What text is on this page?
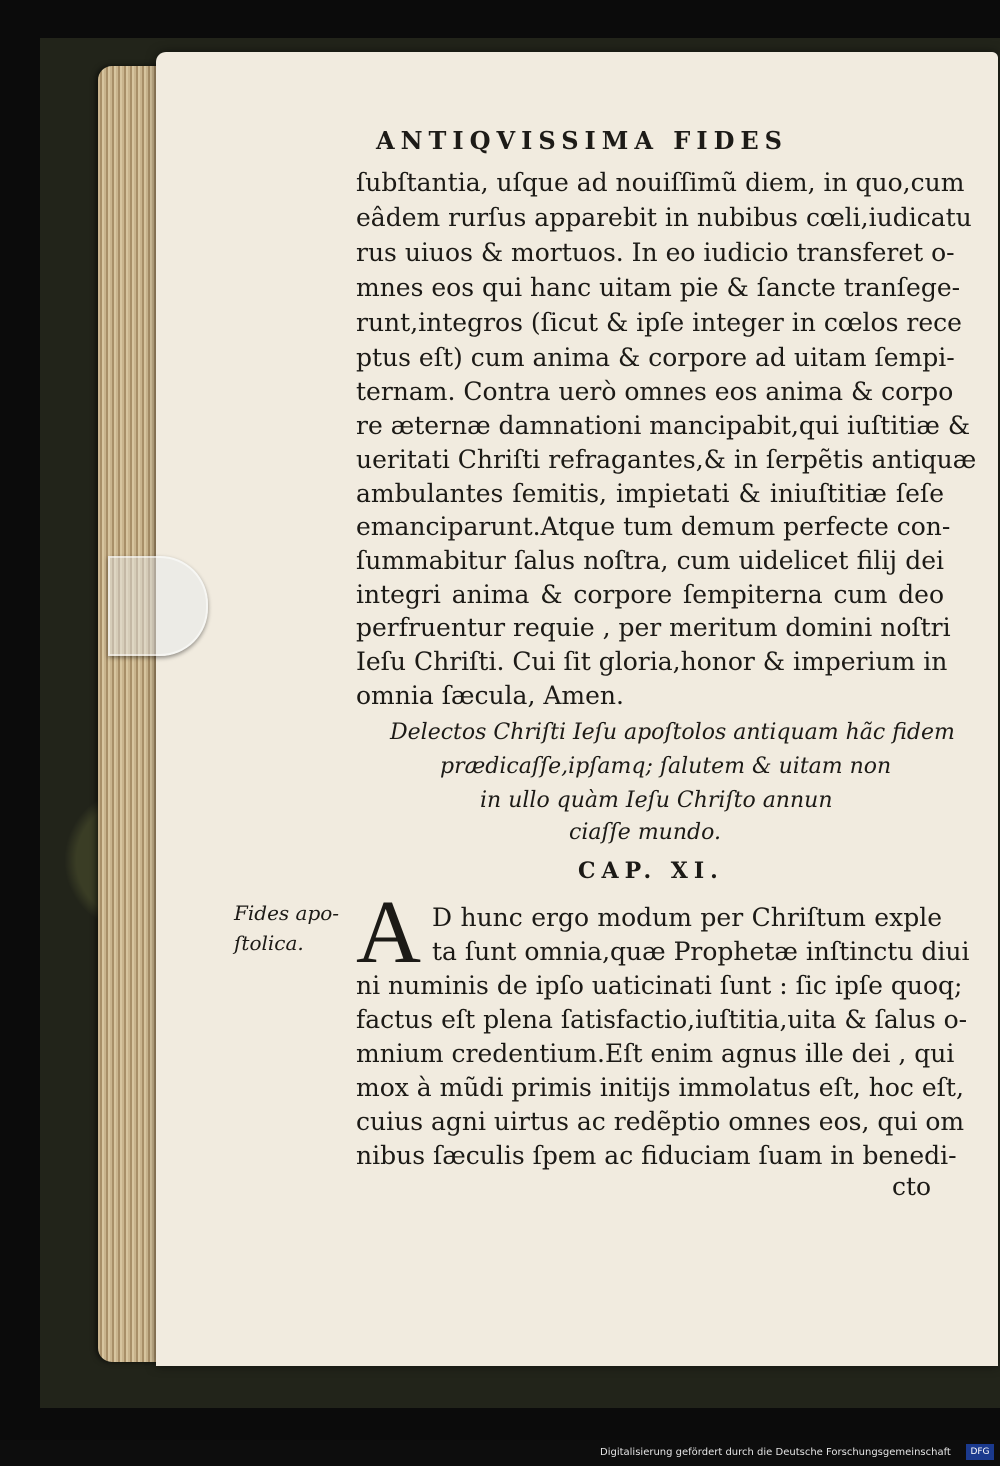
ANTIQVISSIMA FIDES
ſubſtantia, uſque ad nouiſſimũ diem, in quo,cum
eâdem rurſus apparebit in nubibus cœli,iudicatu
rus uiuos & mortuos. In eo iudicio transferet o-
mnes eos qui hanc uitam pie & ſancte tranſege-
runt,integros (ſicut & ipſe integer in cœlos rece
ptus eſt) cum anima & corpore ad uitam ſempi-
ternam. Contra uerò omnes eos anima & corpo
re æternæ damnationi mancipabit,qui iuſtitiæ &
ueritati Chriſti refragantes,& in ſerpẽtis antiquæ
ambulantes ſemitis, impietati & iniuſtitiæ ſeſe
emanciparunt.Atque tum demum perfecte con-
ſummabitur ſalus noſtra, cum uidelicet filij dei
integri anima & corpore ſempiterna cum deo
perfruentur requie , per meritum domini noſtri
Ieſu Chriſti. Cui ſit gloria,honor & imperium in
omnia ſæcula, Amen.
Delectos Chriſti Ieſu apoſtolos antiquam hãc fidem
prædicaſſe,ipſamq; ſalutem & uitam non
in ullo quàm Ieſu Chriſto annun
ciaſſe mundo.
CAP. XI.
Fides apo-
ſtolica. A D hunc ergo modum per Chriſtum exple
ta ſunt omnia,quæ Prophetæ inſtinctu diui
ni numinis de ipſo uaticinati ſunt : ſic ipſe quoq;
factus eſt plena ſatisfactio,iuſtitia,uita & ſalus o-
mnium credentium.Eſt enim agnus ille dei , qui
mox à mũdi primis initijs immolatus eſt, hoc eſt,
cuius agni uirtus ac redẽptio omnes eos, qui om
nibus ſæculis ſpem ac fiduciam ſuam in benedi-
cto
Digitalisierung gefördert durch die Deutsche Forschungsgemeinschaft	DFG
